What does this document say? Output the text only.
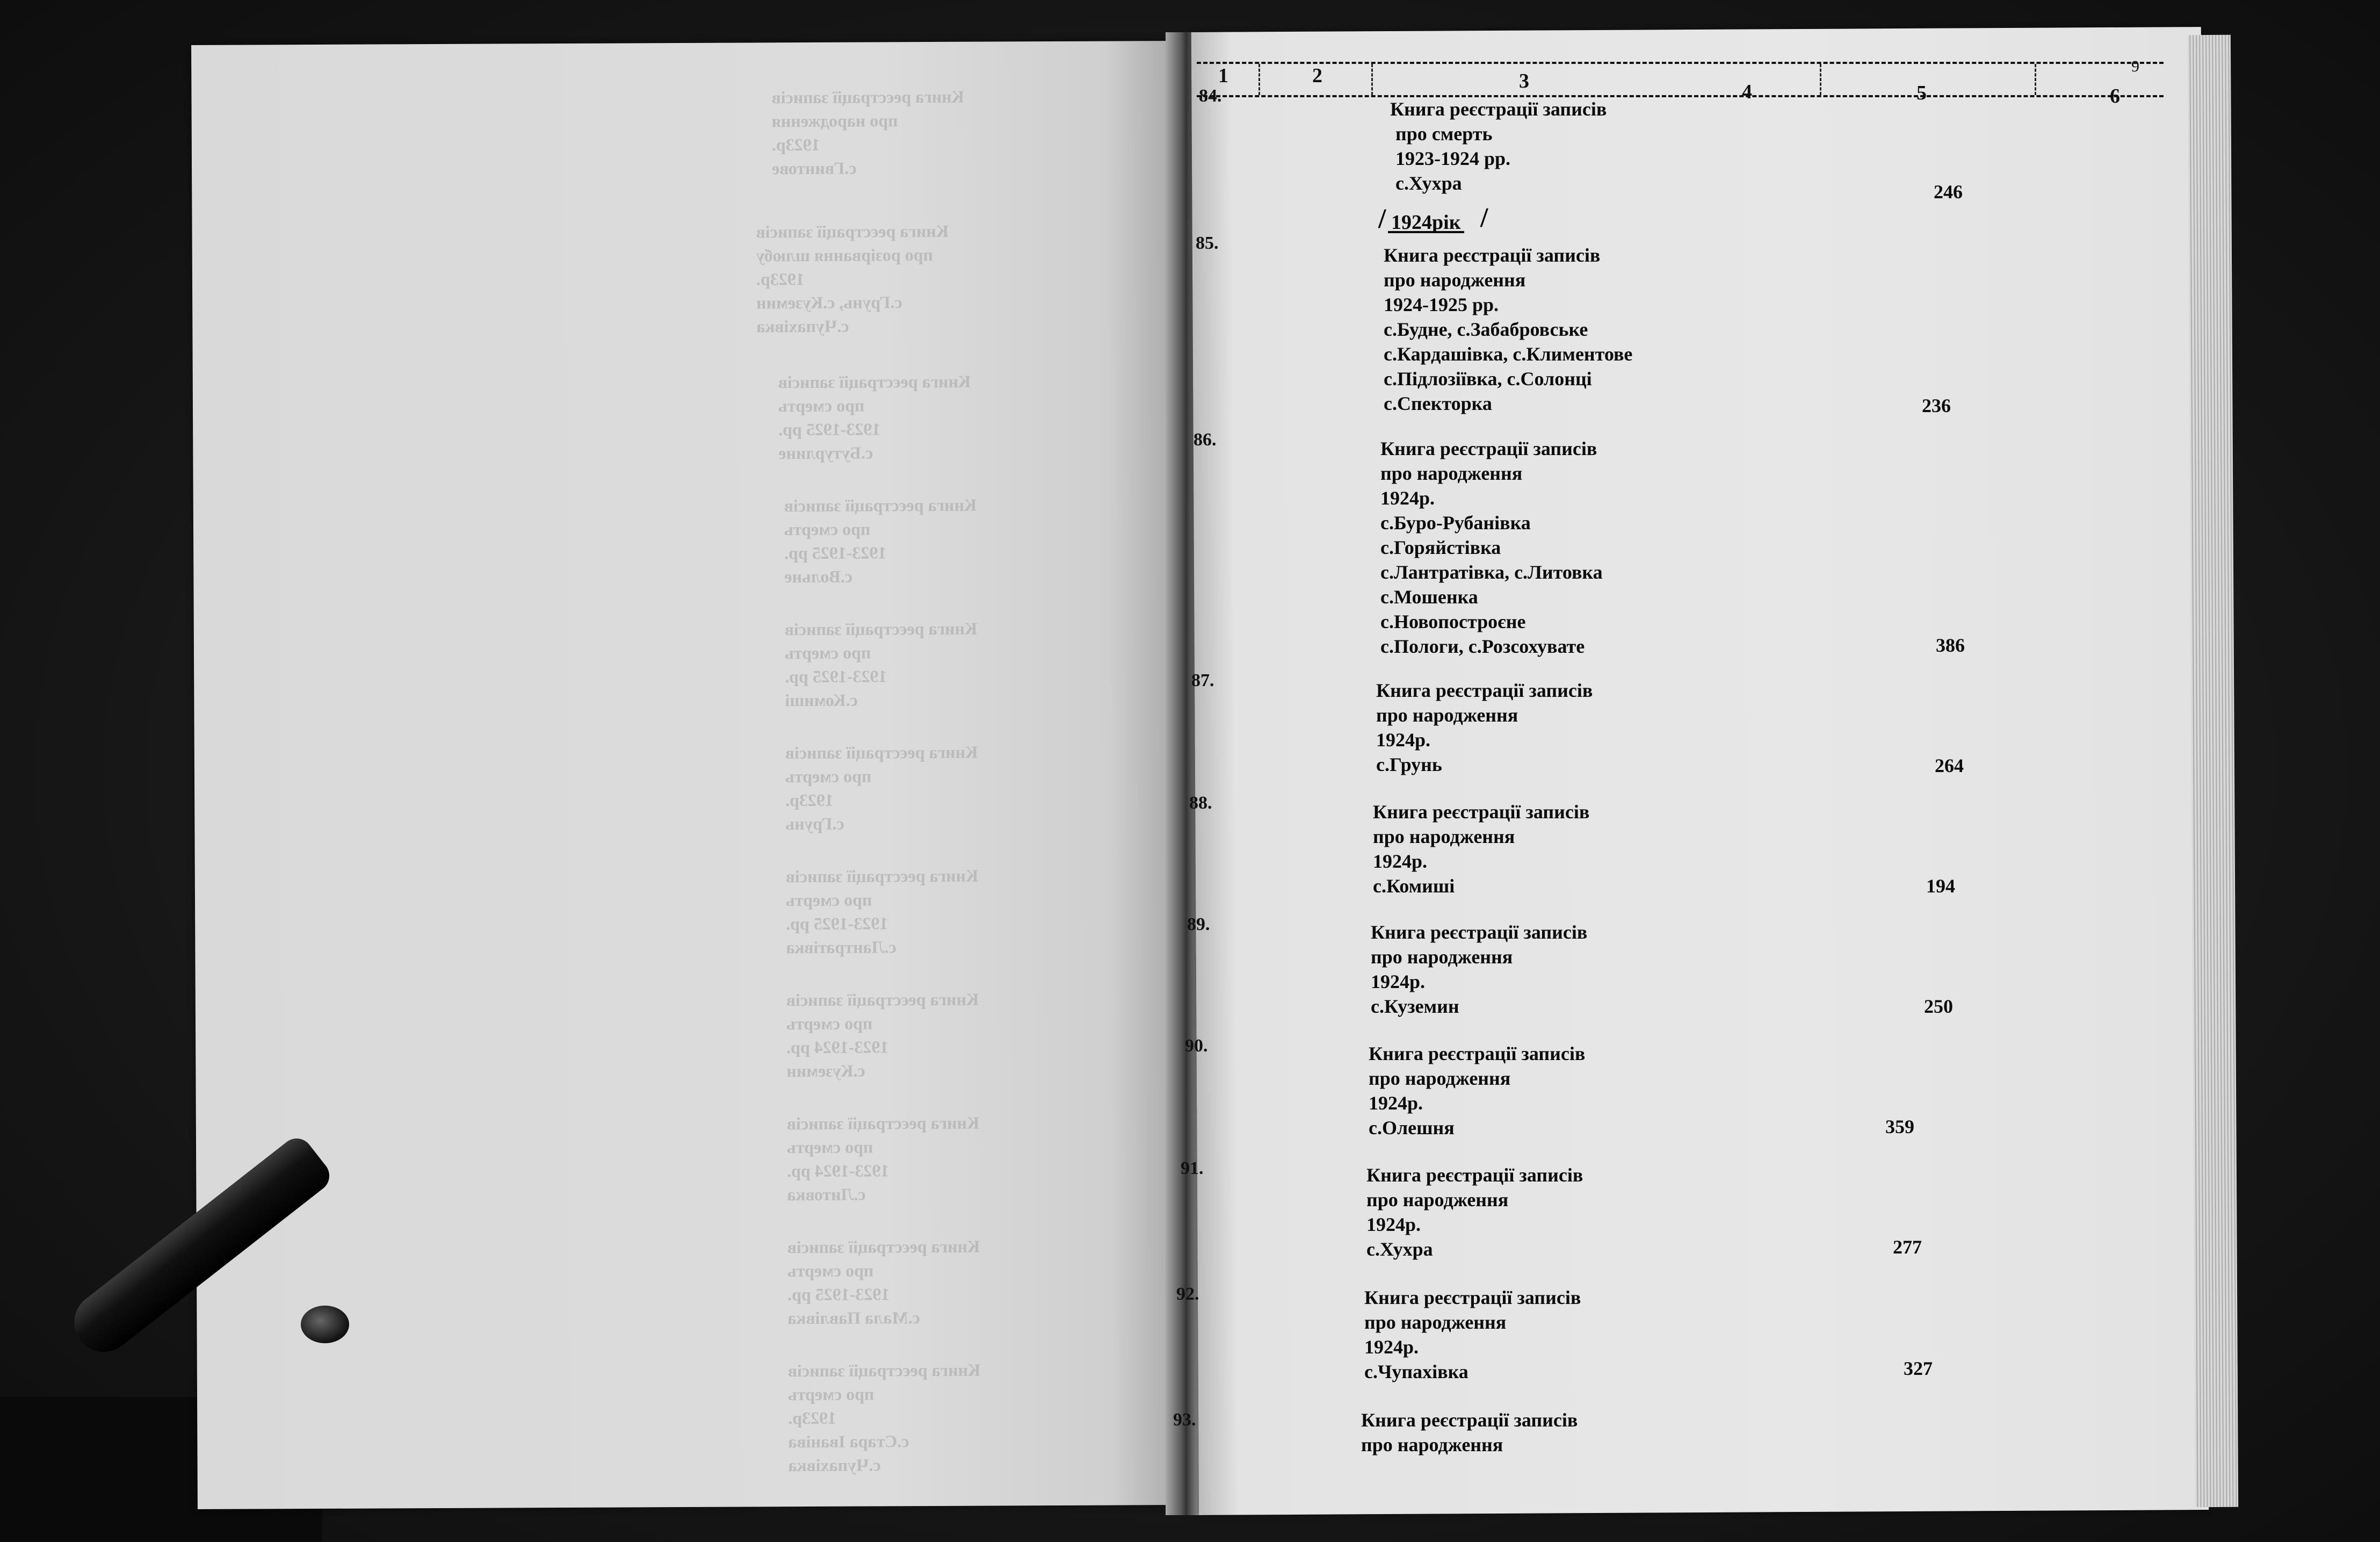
Книга реєстрації записів
про народження
1923р.
с.Гвинтове
Книга реєстрації записів
про розірвання шлюбу
1923р.
с.Грунь, с.Куземин
с.Чупахівка
Книга реєстрації записів
про смерть
1923-1925 рр.
с.Бутурлине
Книга реєстрації записів
про смерть
1923-1925 рр.
с.Вольне
Книга реєстрації записів
про смерть
1923-1925 рр.
с.Комиші
Книга реєстрації записів
про смерть
1923р.
с.Грунь
Книга реєстрації записів
про смерть
1923-1925 рр.
с.Лантратівка
Книга реєстрації записів
про смерть
1923-1924 рр.
с.Куземин
Книга реєстрації записів
про смерть
1923-1924 рр.
с.Литовка
Книга реєстрації записів
про смерть
1923-1925 рр.
с.Мала Павлівка
Книга реєстрації записів
про смерть
1923р.
с.Стара Іваніва
с.Чупахівка
1	2	3	4	5	6
9
/ 1924рік /
84.
Книга реєстрації записів
про смерть
1923-1924 рр.
с.Хухра	246
85.
Книга реєстрації записів
про народження
1924-1925 рр.
с.Будне, с.Забабровське
с.Кардашівка, с.Климентове
с.Підлозіївка, с.Солонці
с.Спекторка	236
86.	Книга реєстрації записів
про народження
1924р.
с.Буро-Рубанівка
с.Горяйстівка
с.Лантратівка, с.Литовка
с.Мошенка
с.Новопостроєне
с.Пологи, с.Розсохувате	386
87.	Книга реєстрації записів
про народження
1924р.
с.Грунь	264
88.	Книга реєстрації записів
про народження
1924р.
с.Комиші	194
89.	Книга реєстрації записів
про народження
1924р.
с.Куземин	250
90.	Книга реєстрації записів
про народження
1924р.
с.Олешня	359
91.	Книга реєстрації записів
про народження
1924р.
с.Хухра	277
92.	Книга реєстрації записів
про народження
1924р.
с.Чупахівка	327
93.	Книга реєстрації записів
про народження
